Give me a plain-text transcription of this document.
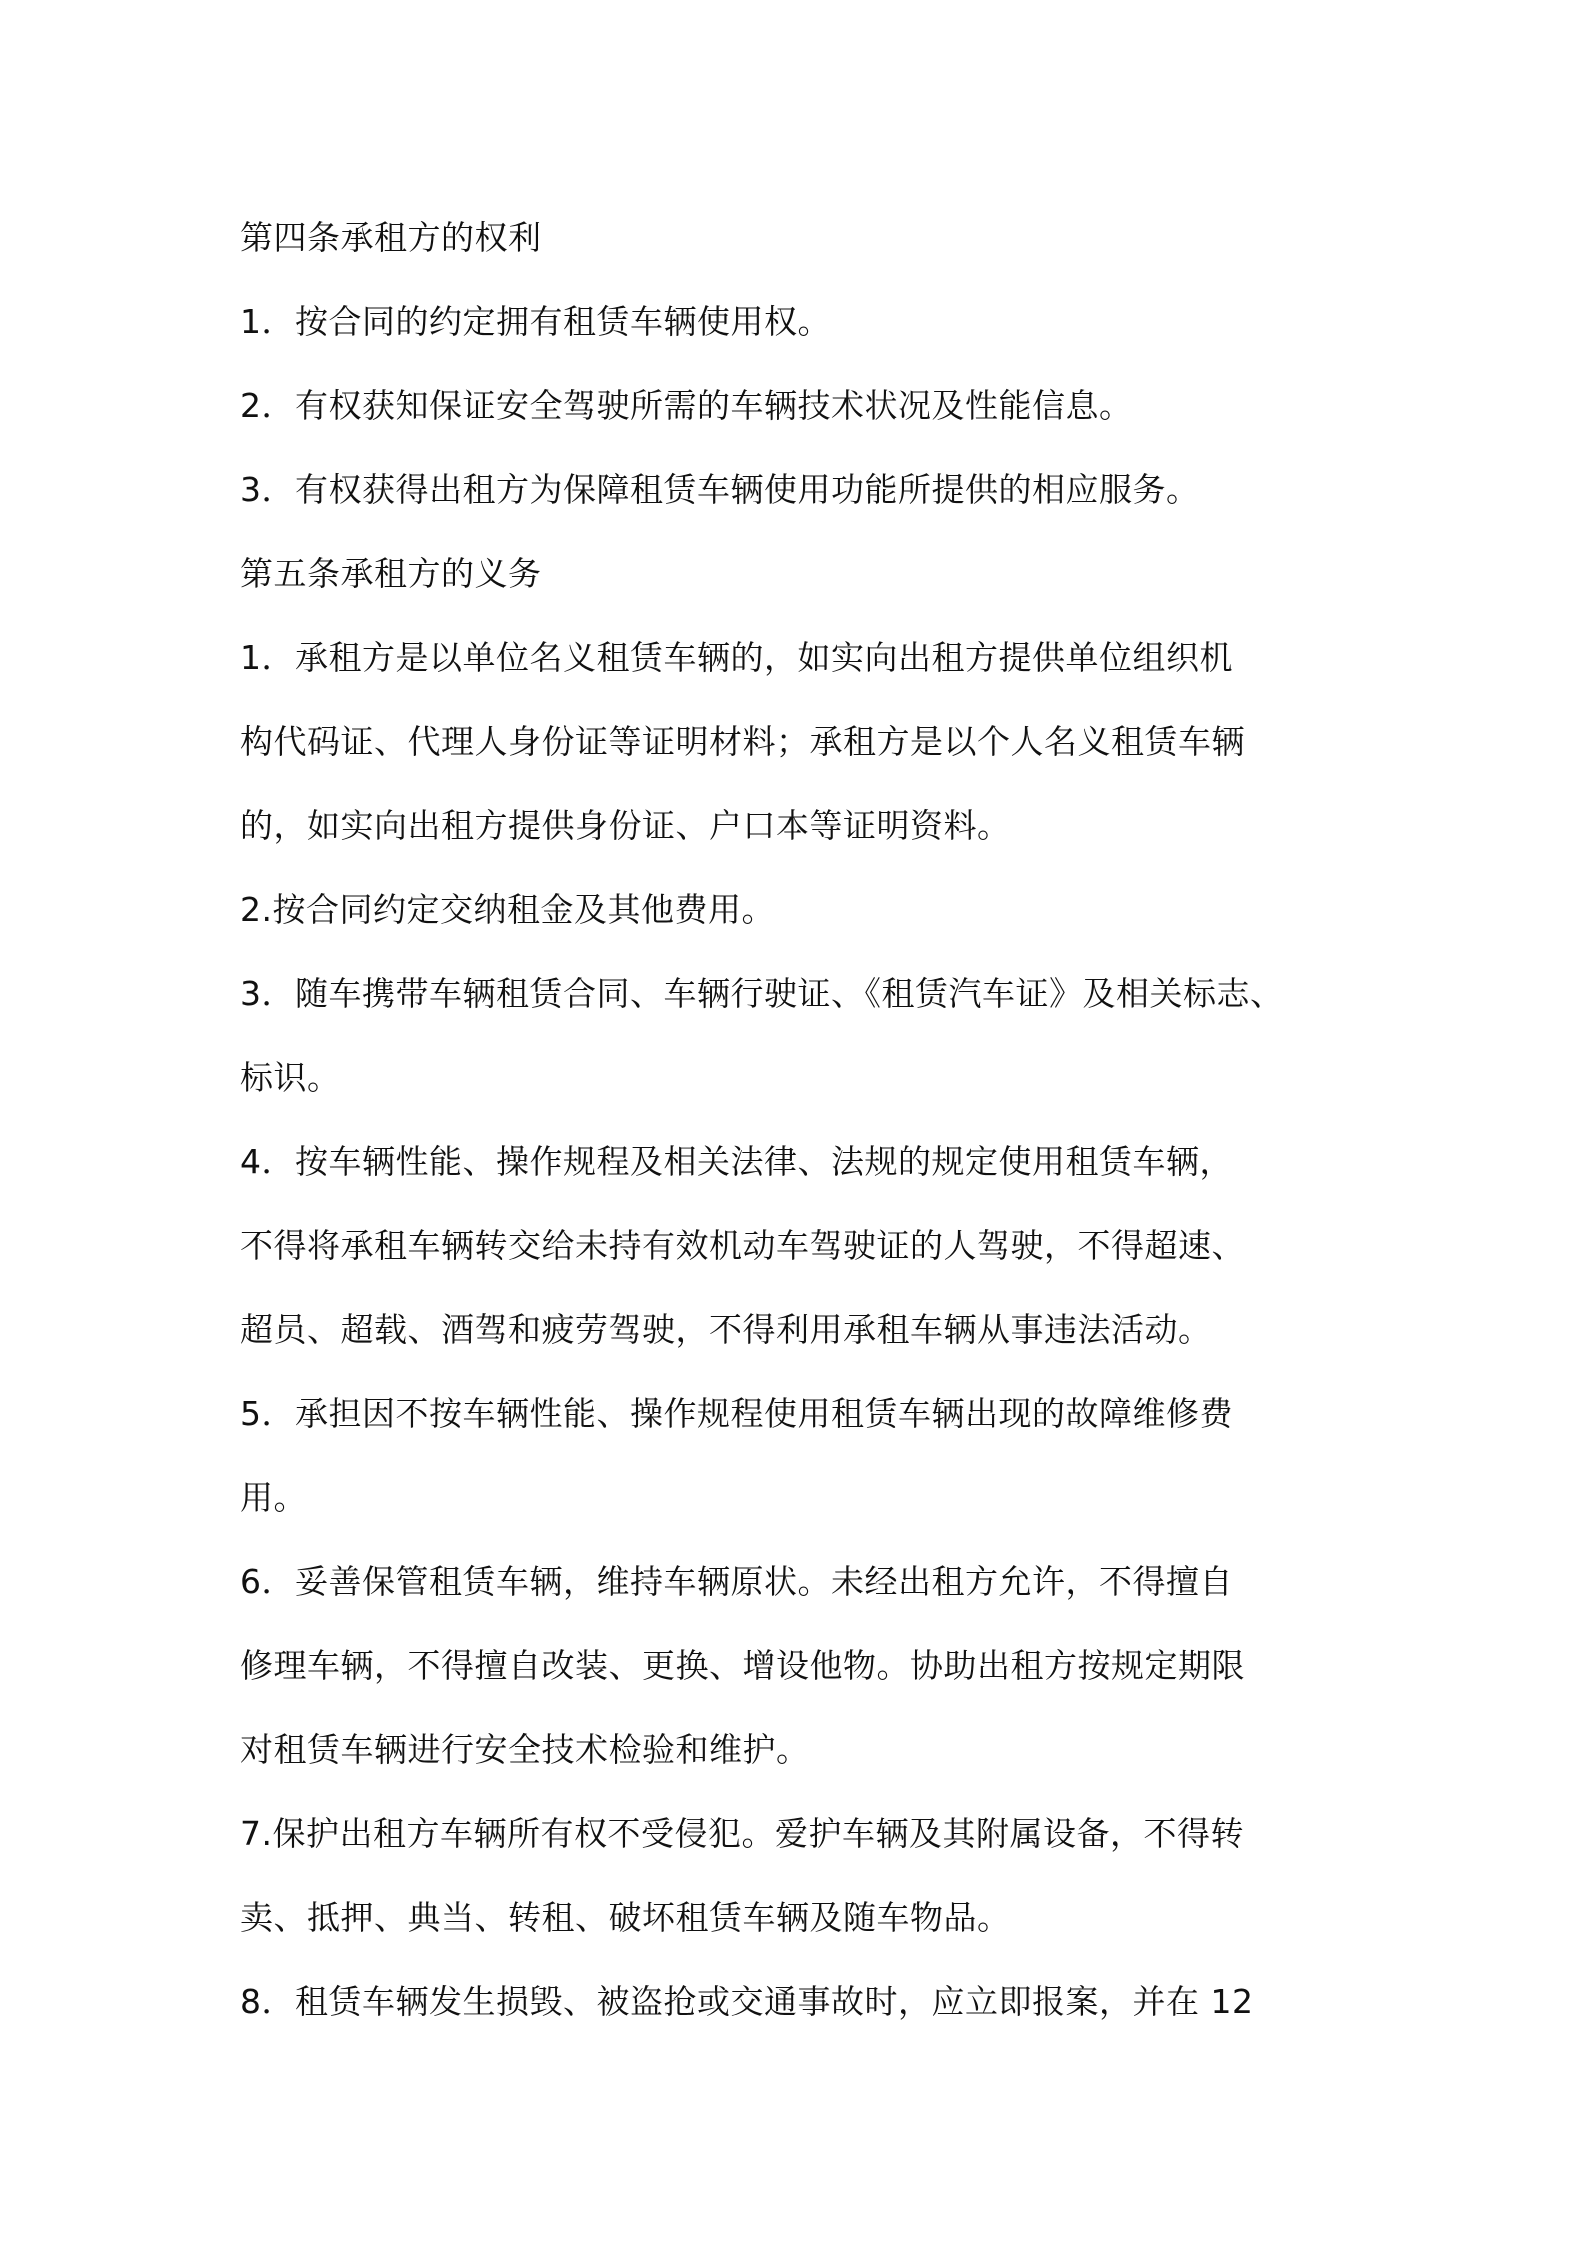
第四条承租方的权利
1．按合同的约定拥有租赁车辆使用权。
2．有权获知保证安全驾驶所需的车辆技术状况及性能信息。
3．有权获得出租方为保障租赁车辆使用功能所提供的相应服务。
第五条承租方的义务
1．承租方是以单位名义租赁车辆的，如实向出租方提供单位组织机
构代码证、代理人身份证等证明材料；承租方是以个人名义租赁车辆
的，如实向出租方提供身份证、户口本等证明资料。
2.按合同约定交纳租金及其他费用。
3．随车携带车辆租赁合同、车辆行驶证、《租赁汽车证》及相关标志、
标识。
4．按车辆性能、操作规程及相关法律、法规的规定使用租赁车辆，
不得将承租车辆转交给未持有效机动车驾驶证的人驾驶，不得超速、
超员、超载、酒驾和疲劳驾驶，不得利用承租车辆从事违法活动。
5．承担因不按车辆性能、操作规程使用租赁车辆出现的故障维修费
用。
6．妥善保管租赁车辆，维持车辆原状。未经出租方允许，不得擅自
修理车辆，不得擅自改装、更换、增设他物。协助出租方按规定期限
对租赁车辆进行安全技术检验和维护。
7.保护出租方车辆所有权不受侵犯。爱护车辆及其附属设备，不得转
卖、抵押、典当、转租、破坏租赁车辆及随车物品。
8．租赁车辆发生损毁、被盗抢或交通事故时，应立即报案，并在 12
